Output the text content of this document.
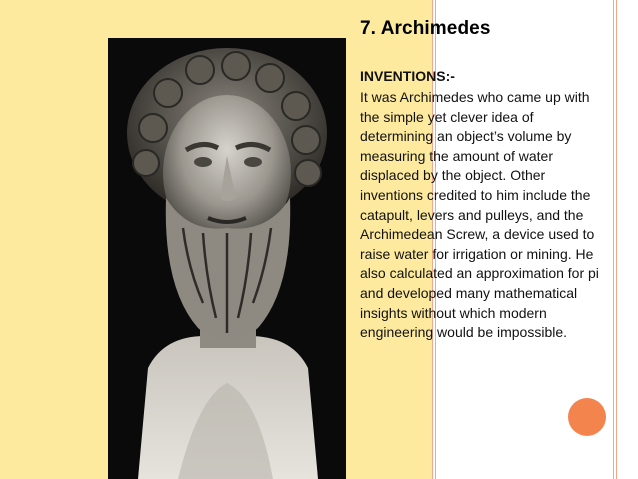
7. Archimedes
INVENTIONS:-

It was Archimedes who came up with the simple yet clever idea of determining an object’s volume by measuring the amount of water displaced by the object. Other inventions credited to him include the catapult, levers and pulleys, and the Archimedean Screw, a device used to raise water for irrigation or mining. He also calculated an approximation for pi and developed many mathematical insights without which modern engineering would be impossible.
